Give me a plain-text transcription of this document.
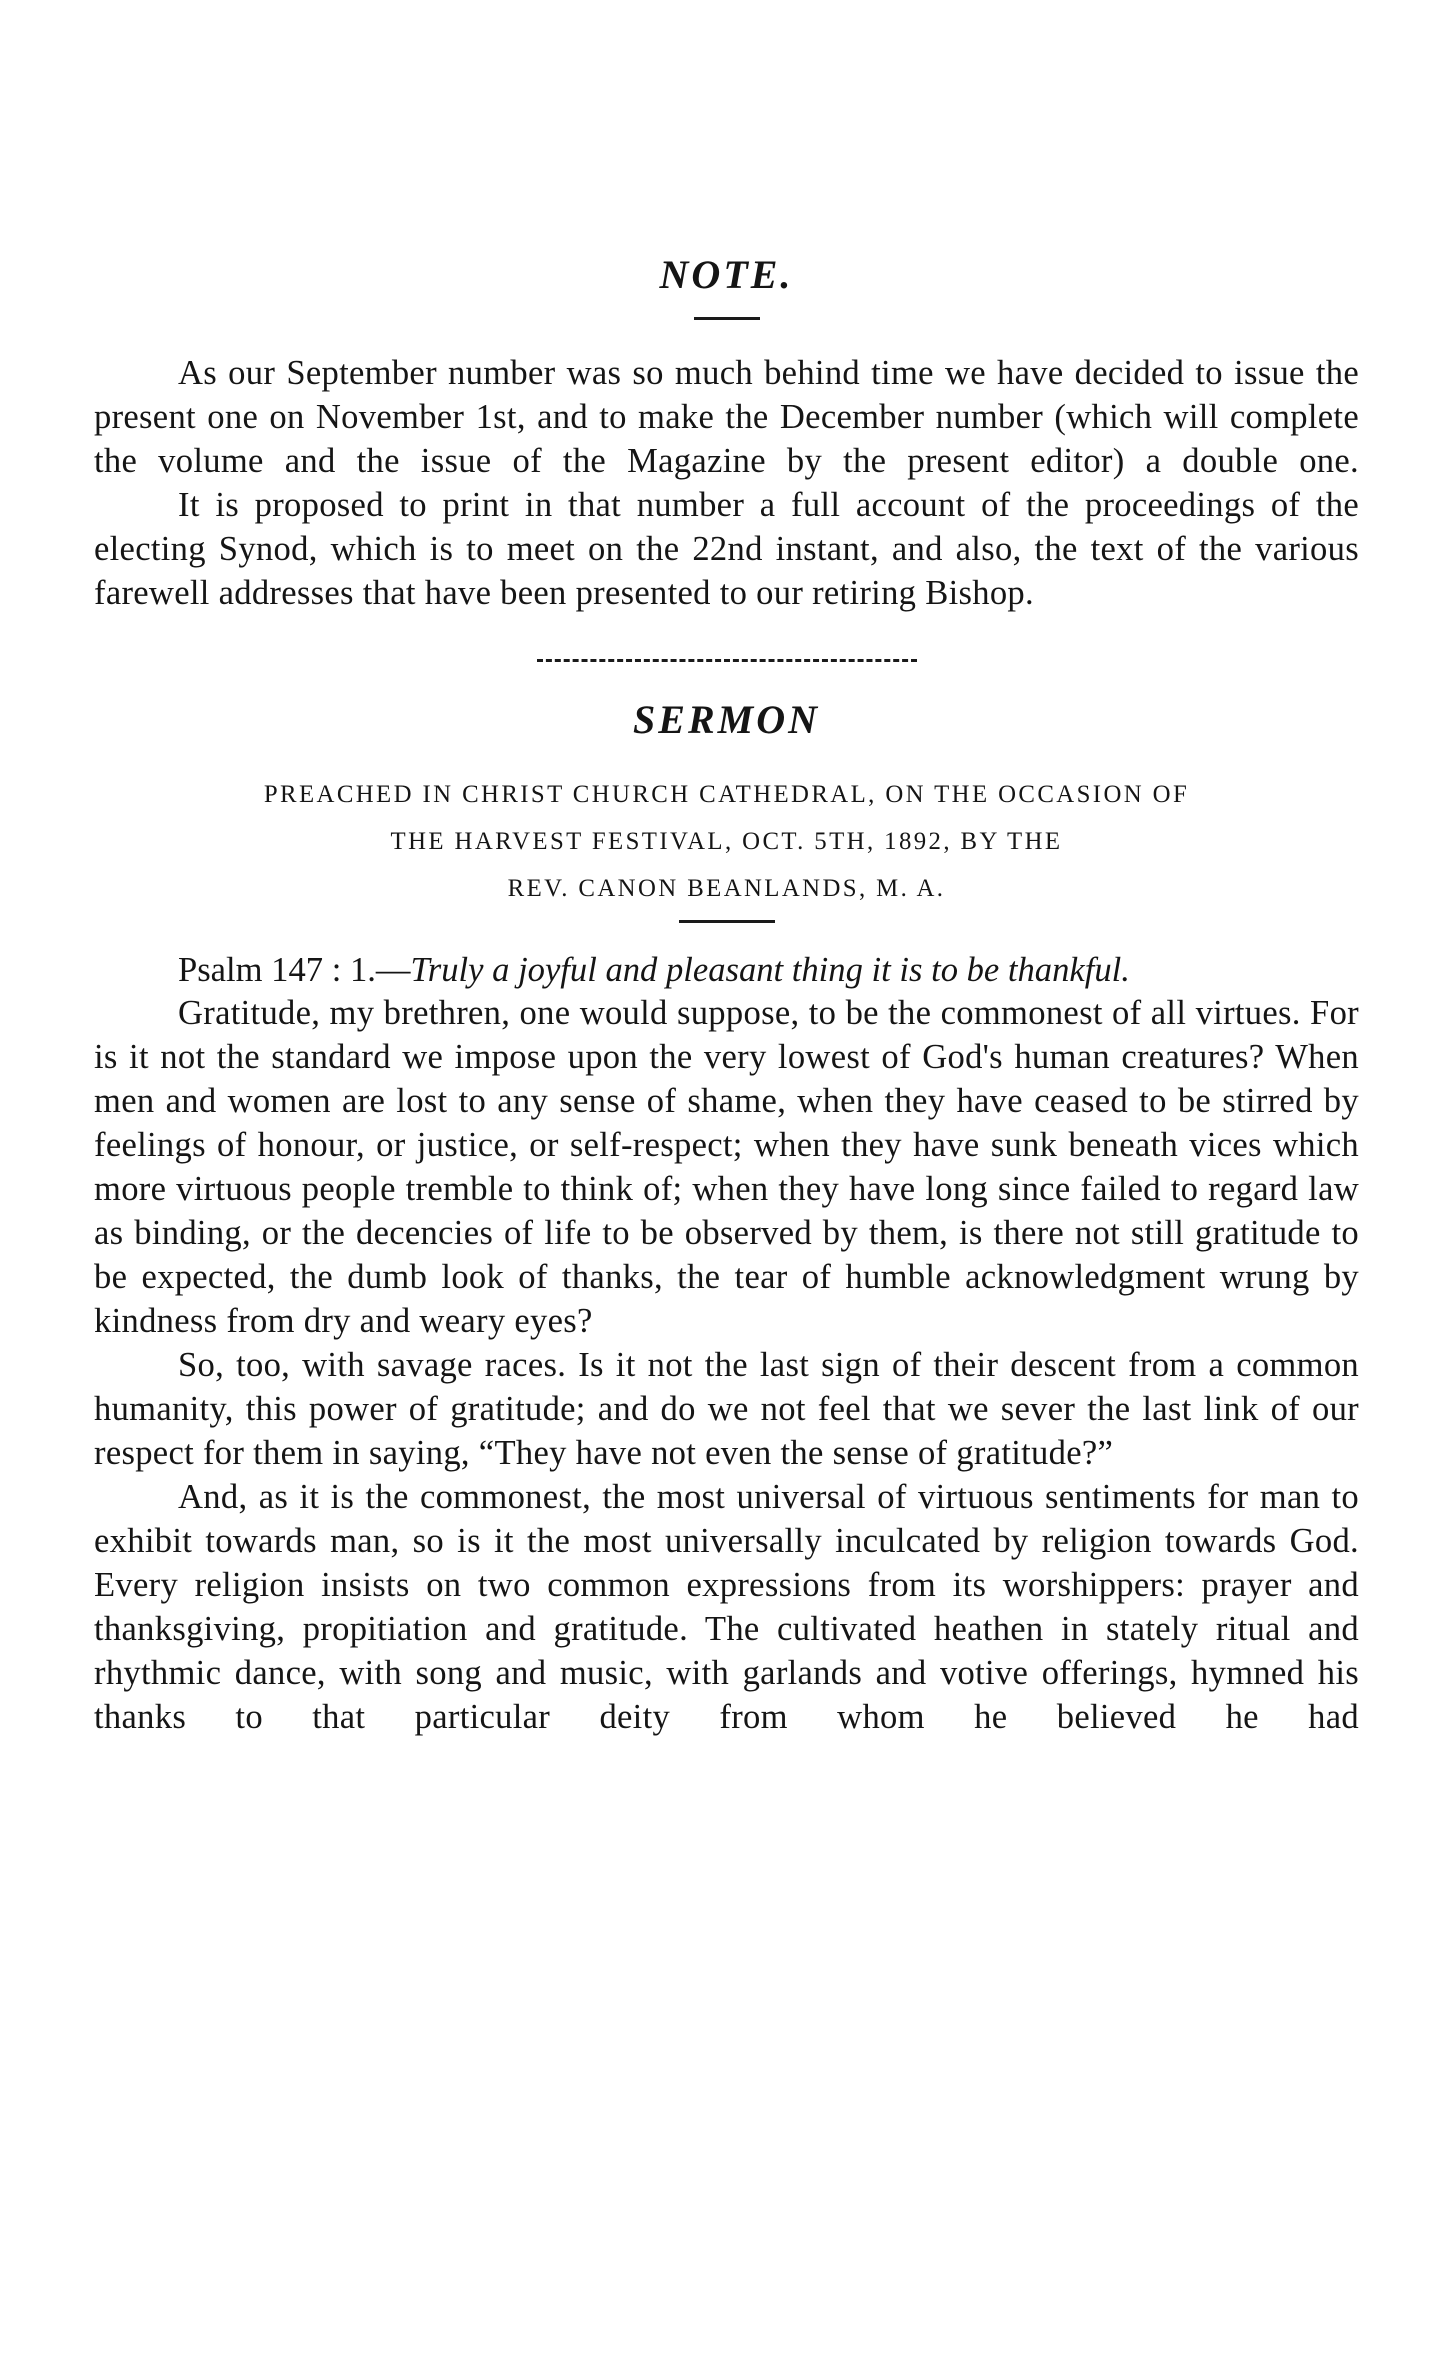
NOTE.

As our September number was so much behind time we have decided to issue the present one on November 1st, and to make the December number (which will complete the volume and the issue of the Magazine by the present editor) a double one.

It is proposed to print in that number a full account of the proceedings of the electing Synod, which is to meet on the 22nd instant, and also, the text of the various farewell addresses that have been presented to our retiring Bishop.

SERMON

PREACHED IN CHRIST CHURCH CATHEDRAL, ON THE OCCASION OF

THE HARVEST FESTIVAL, OCT. 5TH, 1892, BY THE

REV. CANON BEANLANDS, M. A.

Psalm 147 : 1.—Truly a joyful and pleasant thing it is to be thankful.

Gratitude, my brethren, one would suppose, to be the commonest of all virtues. For is it not the standard we impose upon the very lowest of God's human creatures? When men and women are lost to any sense of shame, when they have ceased to be stirred by feelings of honour, or justice, or self-respect; when they have sunk beneath vices which more virtuous people tremble to think of; when they have long since failed to regard law as binding, or the decencies of life to be observed by them, is there not still gratitude to be expected, the dumb look of thanks, the tear of humble acknowledgment wrung by kindness from dry and weary eyes?

So, too, with savage races. Is it not the last sign of their descent from a common humanity, this power of gratitude; and do we not feel that we sever the last link of our respect for them in saying, “They have not even the sense of gratitude?”

And, as it is the commonest, the most universal of virtuous sentiments for man to exhibit towards man, so is it the most universally inculcated by religion towards God. Every religion insists on two common expressions from its worshippers: prayer and thanksgiving, propitiation and gratitude. The cultivated heathen in stately ritual and rhythmic dance, with song and music, with garlands and votive offerings, hymned his thanks to that particular deity from whom he believed he had
